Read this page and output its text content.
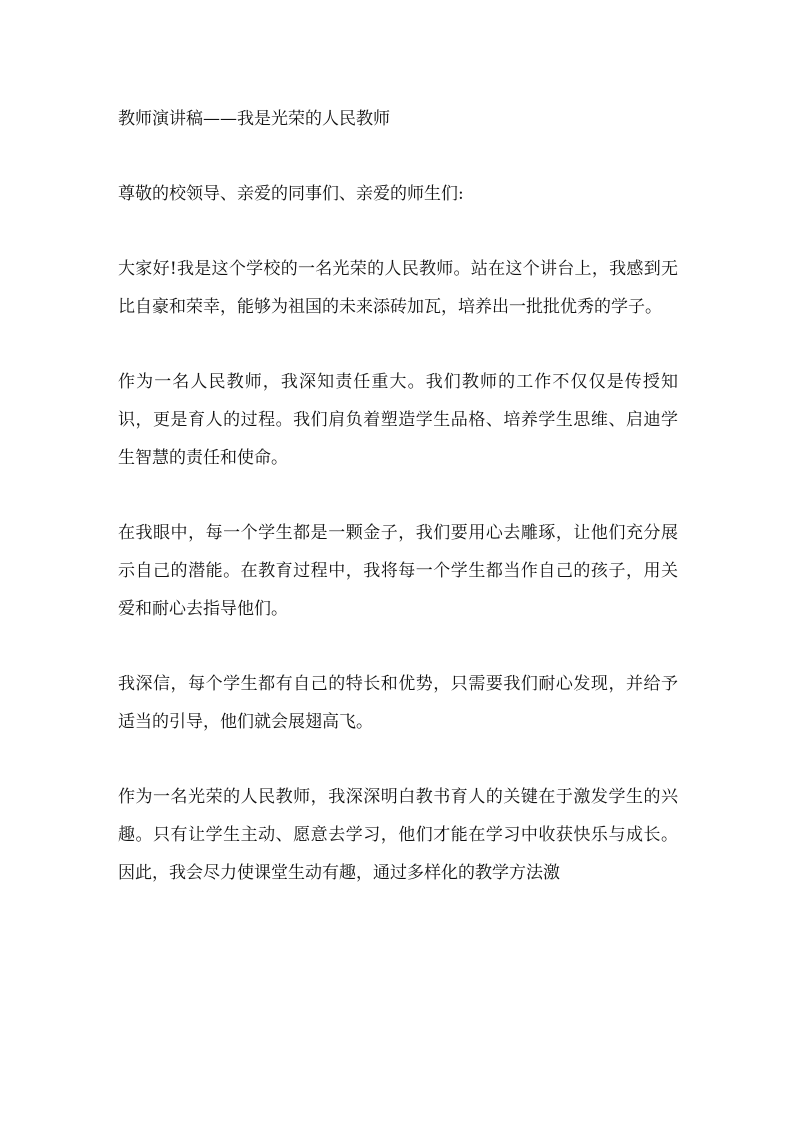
教师演讲稿——我是光荣的人民教师

尊敬的校领导、亲爱的同事们、亲爱的师生们:

大家好!我是这个学校的一名光荣的人民教师。站在这个讲台上，我感到无比自豪和荣幸，能够为祖国的未来添砖加瓦，培养出一批批优秀的学子。

作为一名人民教师，我深知责任重大。我们教师的工作不仅仅是传授知识，更是育人的过程。我们肩负着塑造学生品格、培养学生思维、启迪学生智慧的责任和使命。

在我眼中，每一个学生都是一颗金子，我们要用心去雕琢，让他们充分展示自己的潜能。在教育过程中，我将每一个学生都当作自己的孩子，用关爱和耐心去指导他们。

我深信，每个学生都有自己的特长和优势，只需要我们耐心发现，并给予适当的引导，他们就会展翅高飞。

作为一名光荣的人民教师，我深深明白教书育人的关键在于激发学生的兴趣。只有让学生主动、愿意去学习，他们才能在学习中收获快乐与成长。因此，我会尽力使课堂生动有趣，通过多样化的教学方法激
